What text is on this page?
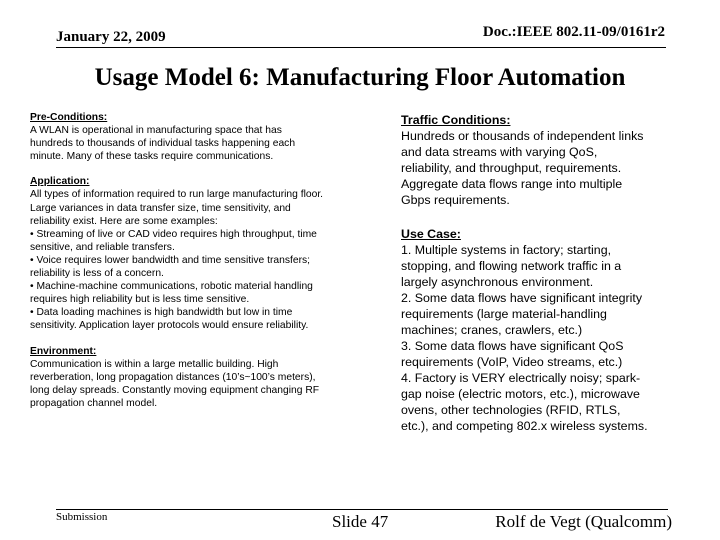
January 22, 2009	Doc.:IEEE 802.11-09/0161r2
Usage Model 6: Manufacturing Floor Automation
Pre-Conditions:
A WLAN is operational in manufacturing space that has
hundreds to thousands of individual tasks happening each
minute. Many of these tasks require communications.
Application:
All types of information required to run large manufacturing floor.
Large variances in data transfer size, time sensitivity, and
reliability exist. Here are some examples:
• Streaming of live or CAD video requires high throughput, time
sensitive, and reliable transfers.
• Voice requires lower bandwidth and time sensitive transfers;
reliability is less of a concern.
• Machine-machine communications, robotic material handling
requires high reliability but is less time sensitive.
• Data loading machines is high bandwidth but low in time
sensitivity. Application layer protocols would ensure reliability.
Environment:
Communication is within a large metallic building. High
reverberation, long propagation distances (10’s~100’s meters),
long delay spreads. Constantly moving equipment changing RF
propagation channel model.
Traffic Conditions:
Hundreds or thousands of independent links
and data streams with varying QoS,
reliability, and throughput, requirements.
Aggregate data flows range into multiple
Gbps requirements.
Use Case:
1. Multiple systems in factory; starting,
stopping, and flowing network traffic in a
largely asynchronous environment.
2. Some data flows have significant integrity
requirements (large material-handling
machines; cranes, crawlers, etc.)
3. Some data flows have significant QoS
requirements (VoIP, Video streams, etc.)
4. Factory is VERY electrically noisy; spark-
gap noise (electric motors, etc.), microwave
ovens, other technologies (RFID, RTLS,
etc.), and competing 802.x wireless systems.
Submission	Slide 47	Rolf de Vegt (Qualcomm)
